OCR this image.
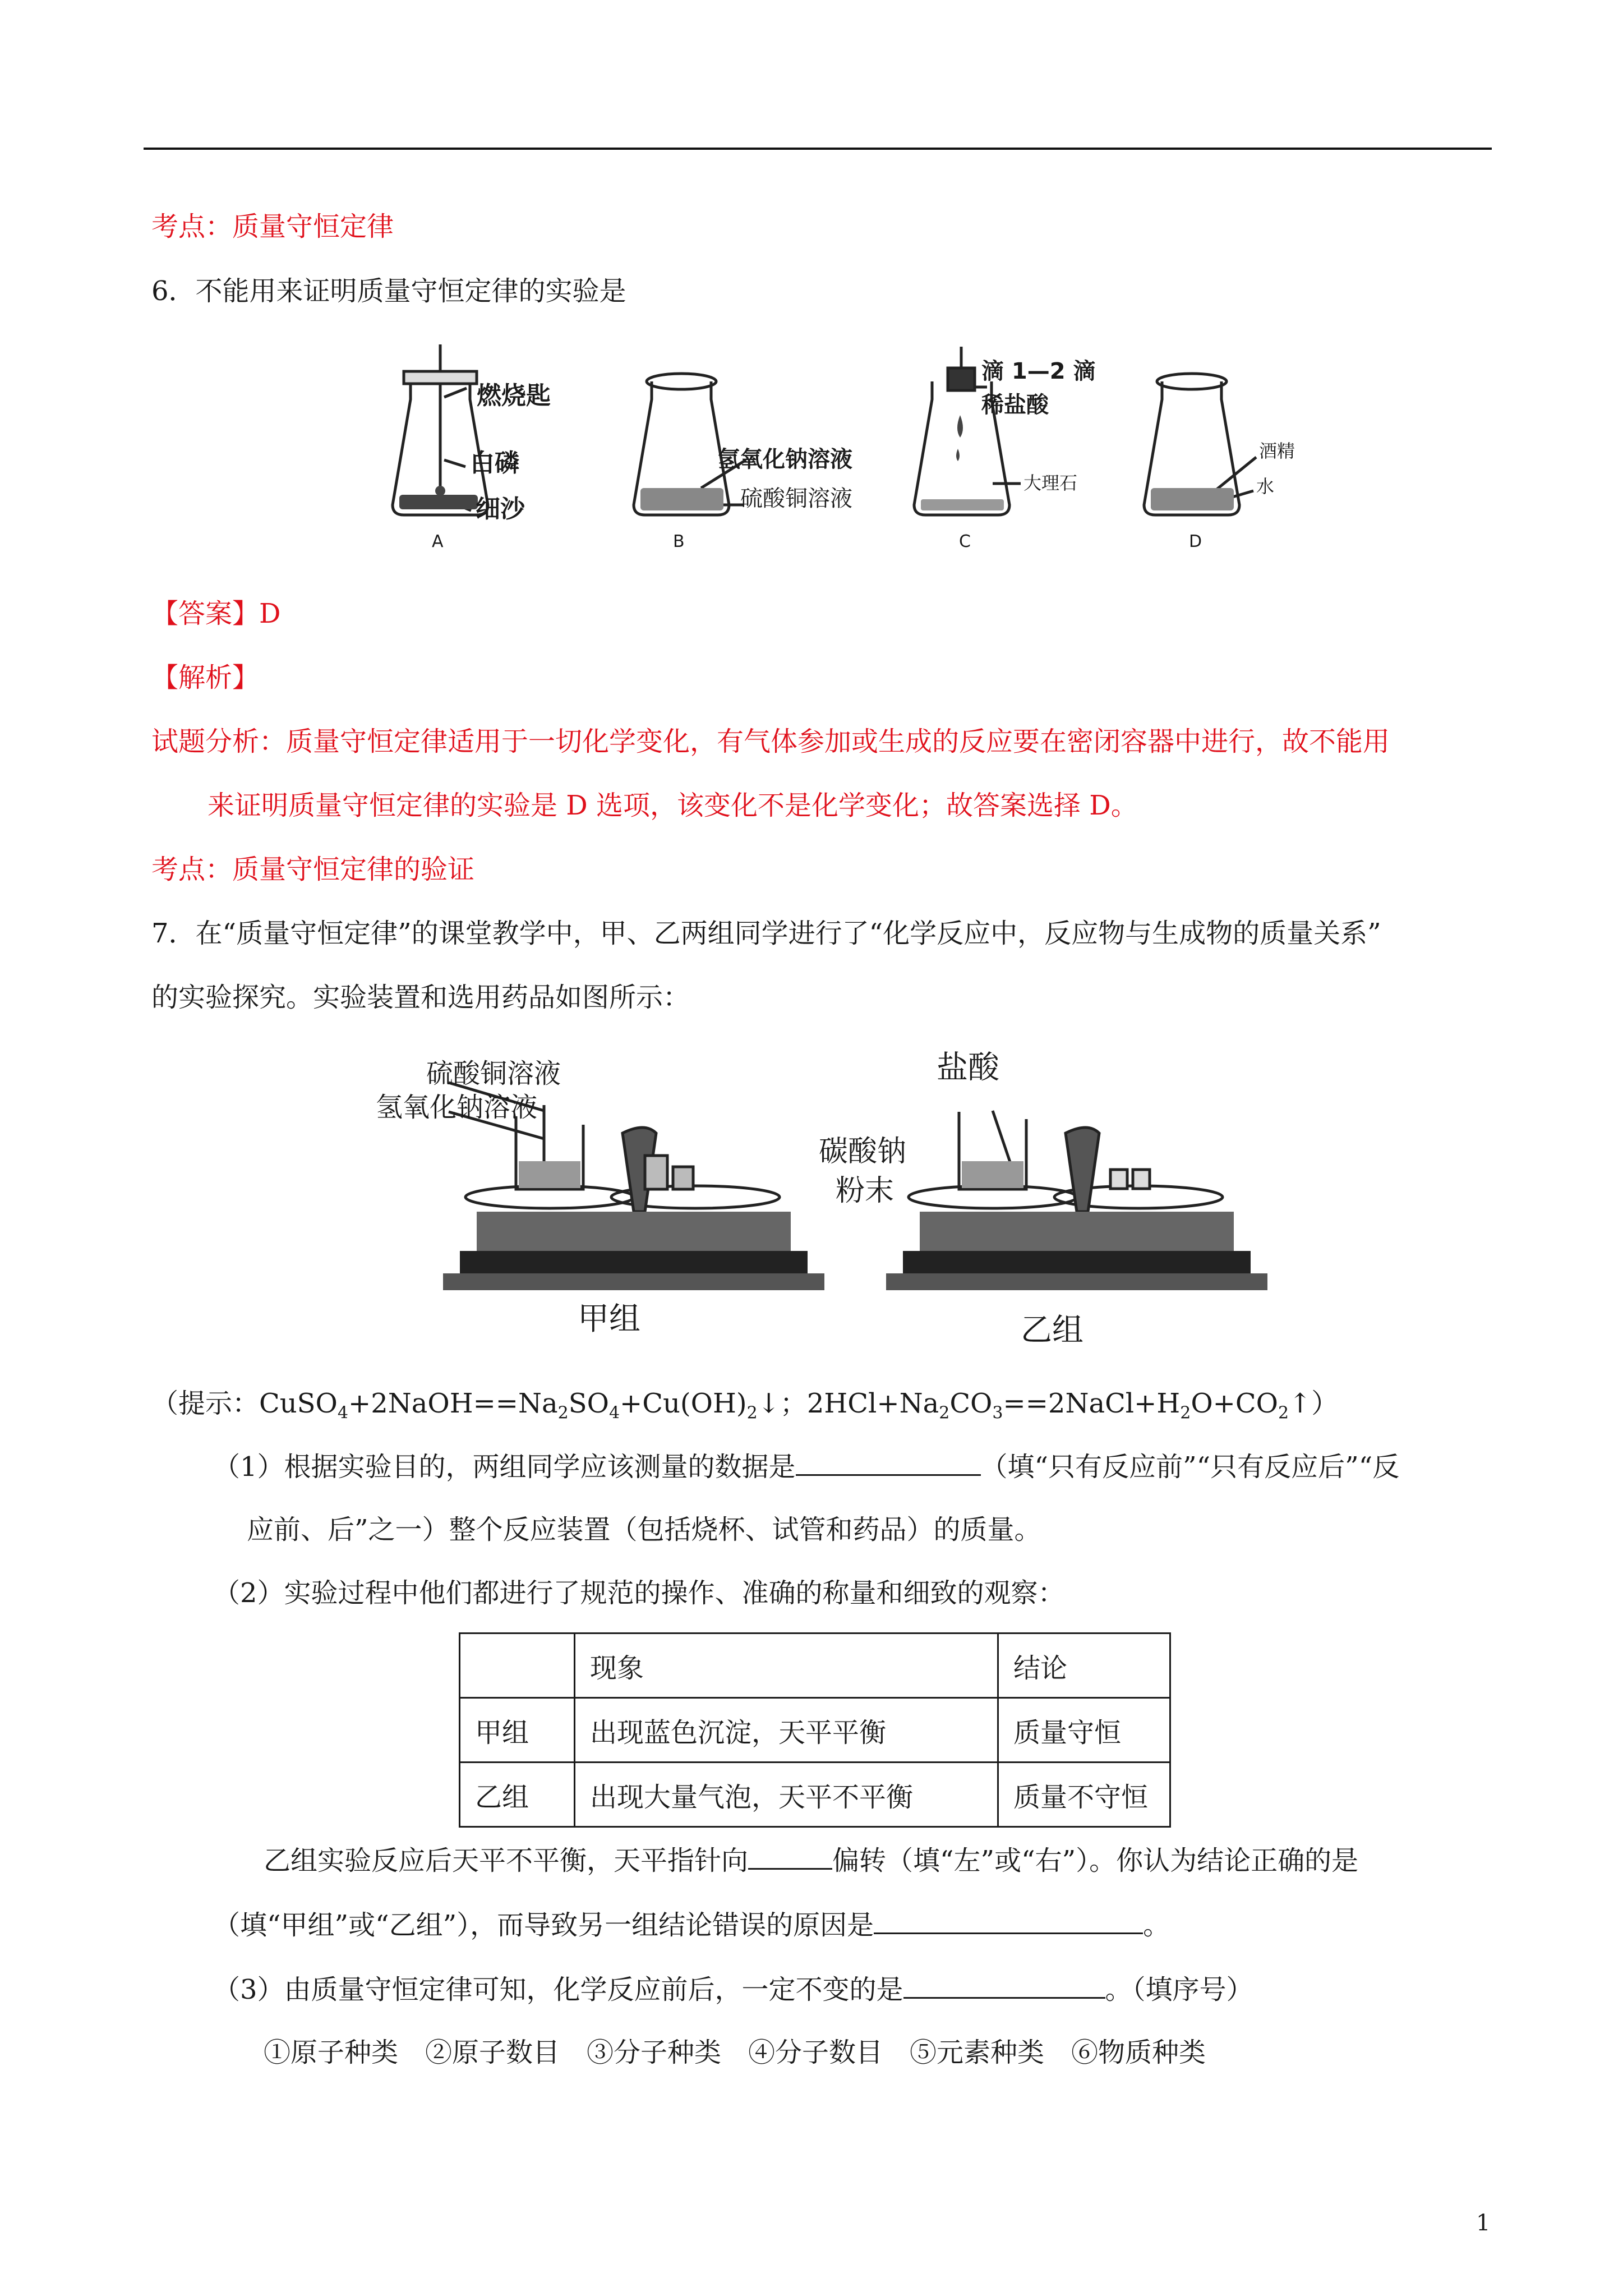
考点：质量守恒定律
6．不能用来证明质量守恒定律的实验是
燃烧匙
白磷
细沙
氢氧化钠溶液
硫酸铜溶液
滴 1—2 滴
稀盐酸
大理石
酒精
水
A	B	C	D
【答案】D
【解析】
试题分析：质量守恒定律适用于一切化学变化，有气体参加或生成的反应要在密闭容器中进行，故不能用
来证明质量守恒定律的实验是 D 选项，该变化不是化学变化；故答案选择 D。
考点：质量守恒定律的验证
7．在“质量守恒定律”的课堂教学中，甲、乙两组同学进行了“化学反应中，反应物与生成物的质量关系”
的实验探究。实验装置和选用药品如图所示：
硫酸铜溶液
氢氧化钠溶液
甲组
盐酸
碳酸钠
粉末
乙组
（提示：$CuSO_4+2NaOH==Na_2SO_4+Cu(OH)_2↓$；$2HCl+Na_2CO_3==2NaCl+H_2O+CO_2↑$）
（1）根据实验目的，两组同学应该测量的数据是	（填“只有反应前”“只有反应后”“反
应前、后”之一）整个反应装置（包括烧杯、试管和药品）的质量。
（2）实验过程中他们都进行了规范的操作、准确的称量和细致的观察：
	现象	结论
甲组	出现蓝色沉淀，天平平衡	质量守恒
乙组	出现大量气泡，天平不平衡	质量不守恒
乙组实验反应后天平不平衡，天平指针向	偏转（填“左”或“右”）。你认为结论正确的是
（填“甲组”或“乙组”），而导致另一组结论错误的原因是	。
（3）由质量守恒定律可知，化学反应前后，一定不变的是	。（填序号）
①原子种类　②原子数目　③分子种类　④分子数目　⑤元素种类　⑥物质种类
1
